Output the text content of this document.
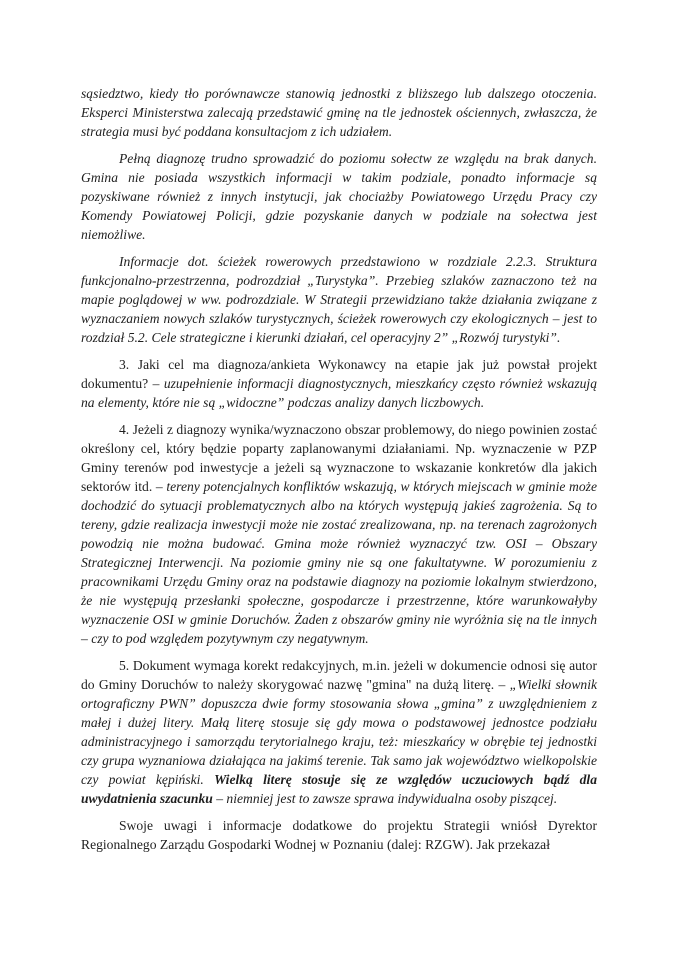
sąsiedztwo, kiedy tło porównawcze stanowią jednostki z bliższego lub dalszego otoczenia. Eksperci Ministerstwa zalecają przedstawić gminę na tle jednostek ościennych, zwłaszcza, że strategia musi być poddana konsultacjom z ich udziałem.

Pełną diagnozę trudno sprowadzić do poziomu sołectw ze względu na brak danych. Gmina nie posiada wszystkich informacji w takim podziale, ponadto informacje są pozyskiwane również z innych instytucji, jak chociażby Powiatowego Urzędu Pracy czy Komendy Powiatowej Policji, gdzie pozyskanie danych w podziale na sołectwa jest niemożliwe.

Informacje dot. ścieżek rowerowych przedstawiono w rozdziale 2.2.3. Struktura funkcjonalno-przestrzenna, podrozdział „Turystyka”. Przebieg szlaków zaznaczono też na mapie poglądowej w ww. podrozdziale. W Strategii przewidziano także działania związane z wyznaczaniem nowych szlaków turystycznych, ścieżek rowerowych czy ekologicznych – jest to rozdział 5.2. Cele strategiczne i kierunki działań, cel operacyjny 2” „Rozwój turystyki”.

3. Jaki cel ma diagnoza/ankieta Wykonawcy na etapie jak już powstał projekt dokumentu? – uzupełnienie informacji diagnostycznych, mieszkańcy często również wskazują na elementy, które nie są „widoczne” podczas analizy danych liczbowych.

4. Jeżeli z diagnozy wynika/wyznaczono obszar problemowy, do niego powinien zostać określony cel, który będzie poparty zaplanowanymi działaniami. Np. wyznaczenie w PZP Gminy terenów pod inwestycje a jeżeli są wyznaczone to wskazanie konkretów dla jakich sektorów itd. – tereny potencjalnych konfliktów wskazują, w których miejscach w gminie może dochodzić do sytuacji problematycznych albo na których występują jakieś zagrożenia. Są to tereny, gdzie realizacja inwestycji może nie zostać zrealizowana, np. na terenach zagrożonych powodzią nie można budować. Gmina może również wyznaczyć tzw. OSI – Obszary Strategicznej Interwencji. Na poziomie gminy nie są one fakultatywne. W porozumieniu z pracownikami Urzędu Gminy oraz na podstawie diagnozy na poziomie lokalnym stwierdzono, że nie występują przesłanki społeczne, gospodarcze i przestrzenne, które warunkowałyby wyznaczenie OSI w gminie Doruchów. Żaden z obszarów gminy nie wyróżnia się na tle innych – czy to pod względem pozytywnym czy negatywnym.

5. Dokument wymaga korekt redakcyjnych, m.in. jeżeli w dokumencie odnosi się autor do Gminy Doruchów to należy skorygować nazwę "gmina" na dużą literę. – „Wielki słownik ortograficzny PWN” dopuszcza dwie formy stosowania słowa „gmina” z uwzględnieniem z małej i dużej litery. Małą literę stosuje się gdy mowa o podstawowej jednostce podziału administracyjnego i samorządu terytorialnego kraju, też: mieszkańcy w obrębie tej jednostki czy grupa wyznaniowa działająca na jakimś terenie. Tak samo jak województwo wielkopolskie czy powiat kępiński. Wielką literę stosuje się ze względów uczuciowych bądź dla uwydatnienia szacunku – niemniej jest to zawsze sprawa indywidualna osoby piszącej.

Swoje uwagi i informacje dodatkowe do projektu Strategii wniósł Dyrektor Regionalnego Zarządu Gospodarki Wodnej w Poznaniu (dalej: RZGW). Jak przekazał
